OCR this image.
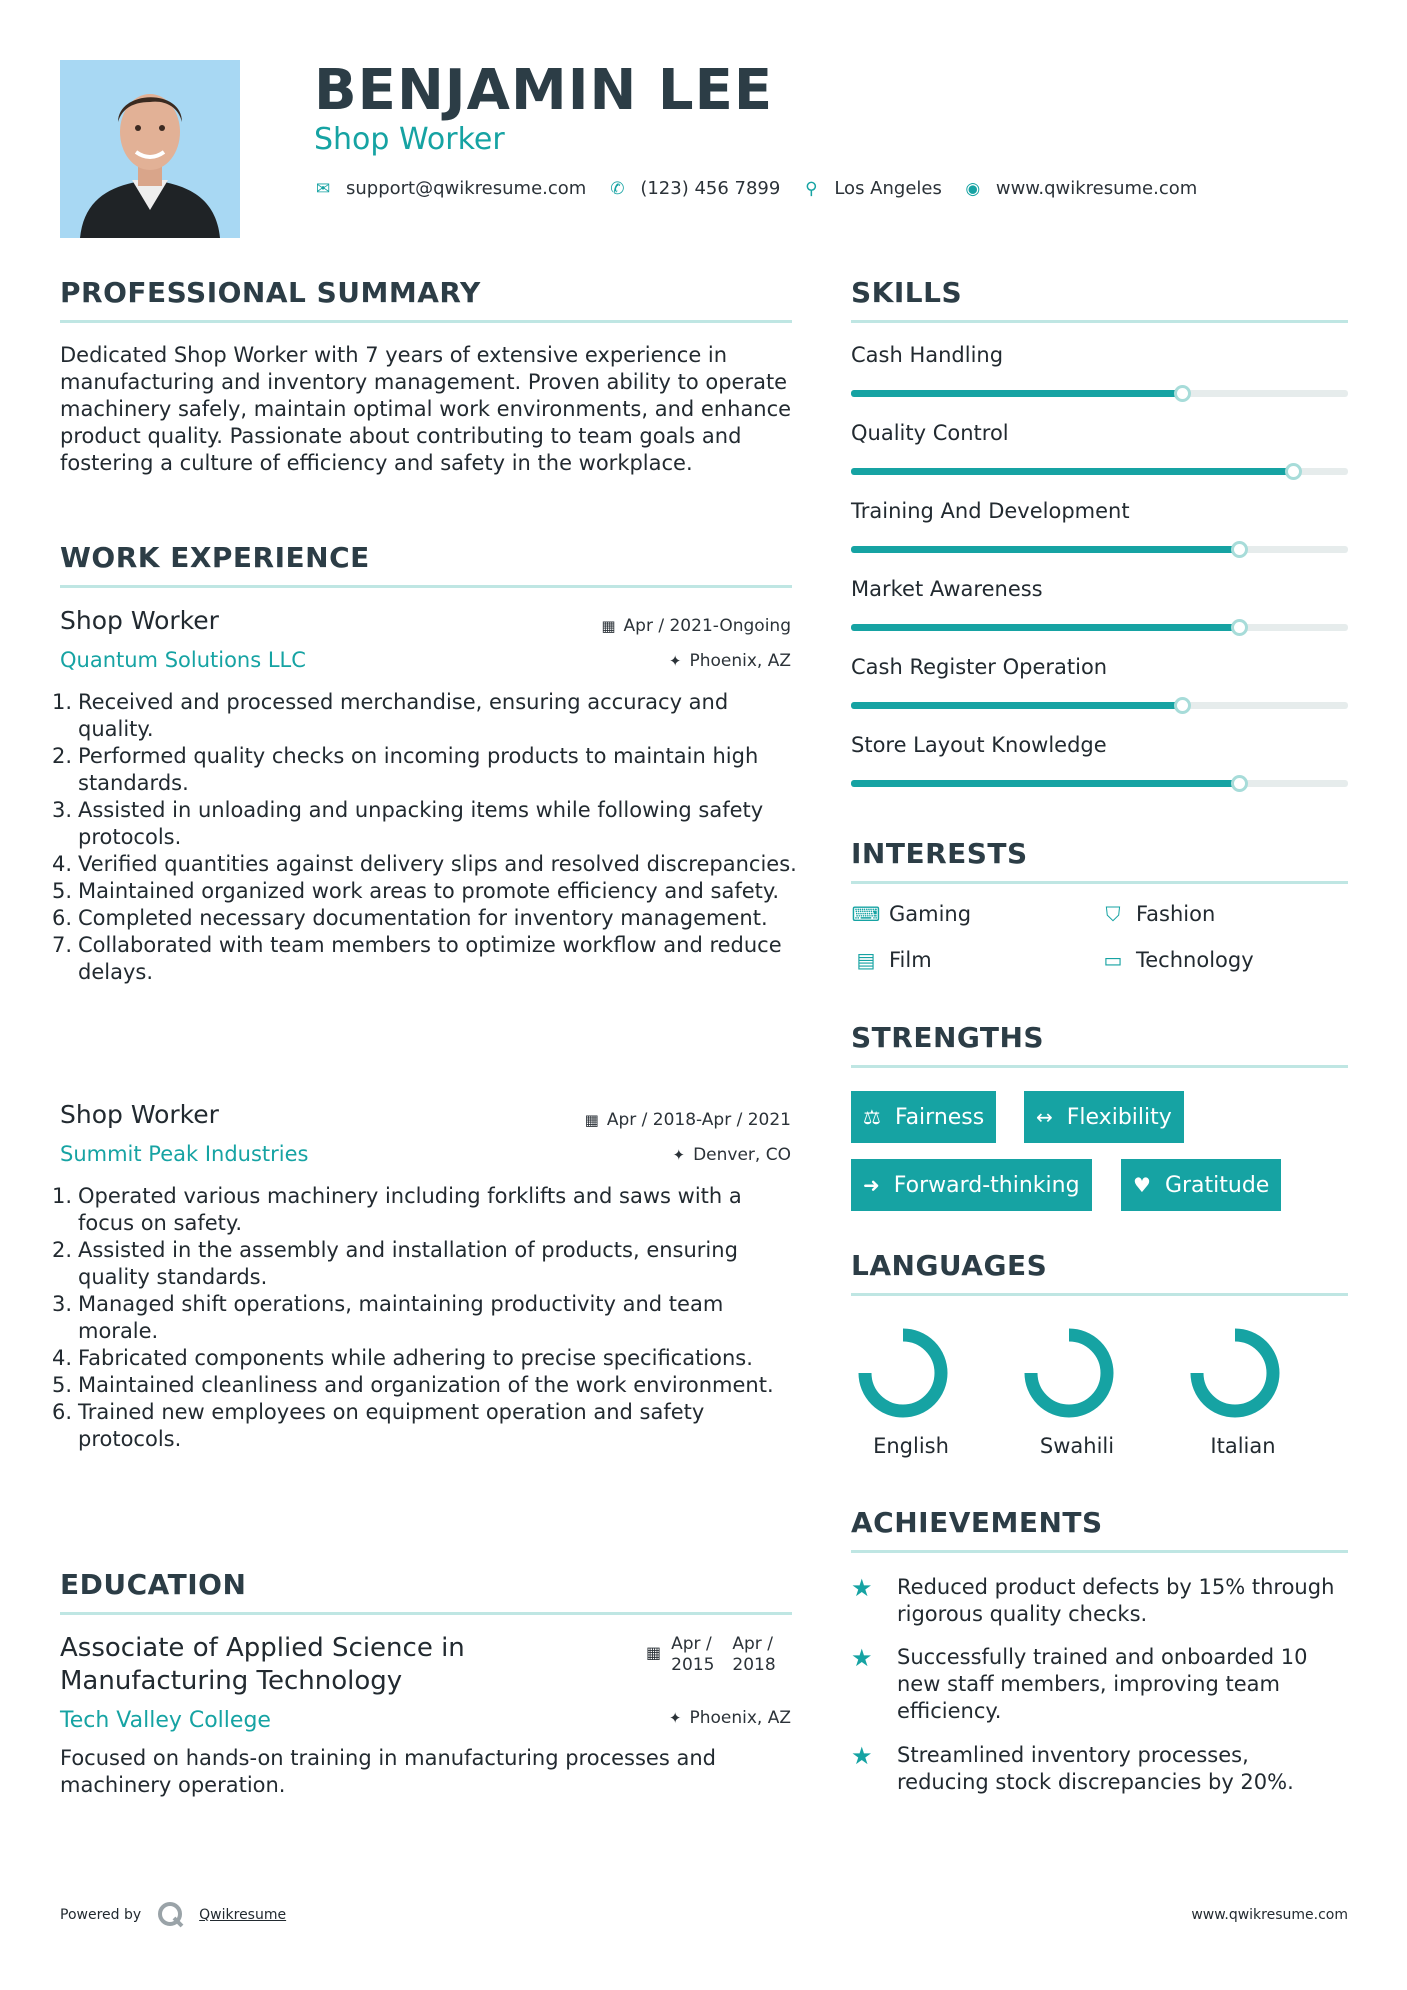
BENJAMIN LEE
Shop Worker
✉ support@qwikresume.com ✆ (123) 456 7899 ⚲ Los Angeles ◉ www.qwikresume.com
PROFESSIONAL SUMMARY
Dedicated Shop Worker with 7 years of extensive experience in manufacturing and inventory management. Proven ability to operate machinery safely, maintain optimal work environments, and enhance product quality. Passionate about contributing to team goals and fostering a culture of efficiency and safety in the workplace.
WORK EXPERIENCE
Shop Worker	▦ Apr / 2021-Ongoing
Quantum Solutions LLC	✦ Phoenix, AZ
Received and processed merchandise, ensuring accuracy and quality.
Performed quality checks on incoming products to maintain high standards.
Assisted in unloading and unpacking items while following safety protocols.
Verified quantities against delivery slips and resolved discrepancies.
Maintained organized work areas to promote efficiency and safety.
Completed necessary documentation for inventory management.
Collaborated with team members to optimize workflow and reduce delays.
Shop Worker	▦ Apr / 2018-Apr / 2021
Summit Peak Industries	✦ Denver, CO
Operated various machinery including forklifts and saws with a focus on safety.
Assisted in the assembly and installation of products, ensuring quality standards.
Managed shift operations, maintaining productivity and team morale.
Fabricated components while adhering to precise specifications.
Maintained cleanliness and organization of the work environment.
Trained new employees on equipment operation and safety protocols.
EDUCATION
Associate of Applied Science in Manufacturing Technology
▦ Apr /
2015
Apr /
2018
Tech Valley College	✦ Phoenix, AZ
Focused on hands-on training in manufacturing processes and machinery operation.
SKILLS
Cash Handling
Quality Control
Training And Development
Market Awareness
Cash Register Operation
Store Layout Knowledge
INTERESTS
⌨ Gaming	⛉ Fashion
▤ Film	▭ Technology
STRENGTHS
⚖ Fairness	↔ Flexibility
➜ Forward-thinking	♥ Gratitude
LANGUAGES
English	Swahili	Italian
ACHIEVEMENTS
★	Reduced product defects by 15% through rigorous quality checks.
★	Successfully trained and onboarded 10 new staff members, improving team efficiency.
★	Streamlined inventory processes, reducing stock discrepancies by 20%.
Powered by	Qwikresume	www.qwikresume.com
